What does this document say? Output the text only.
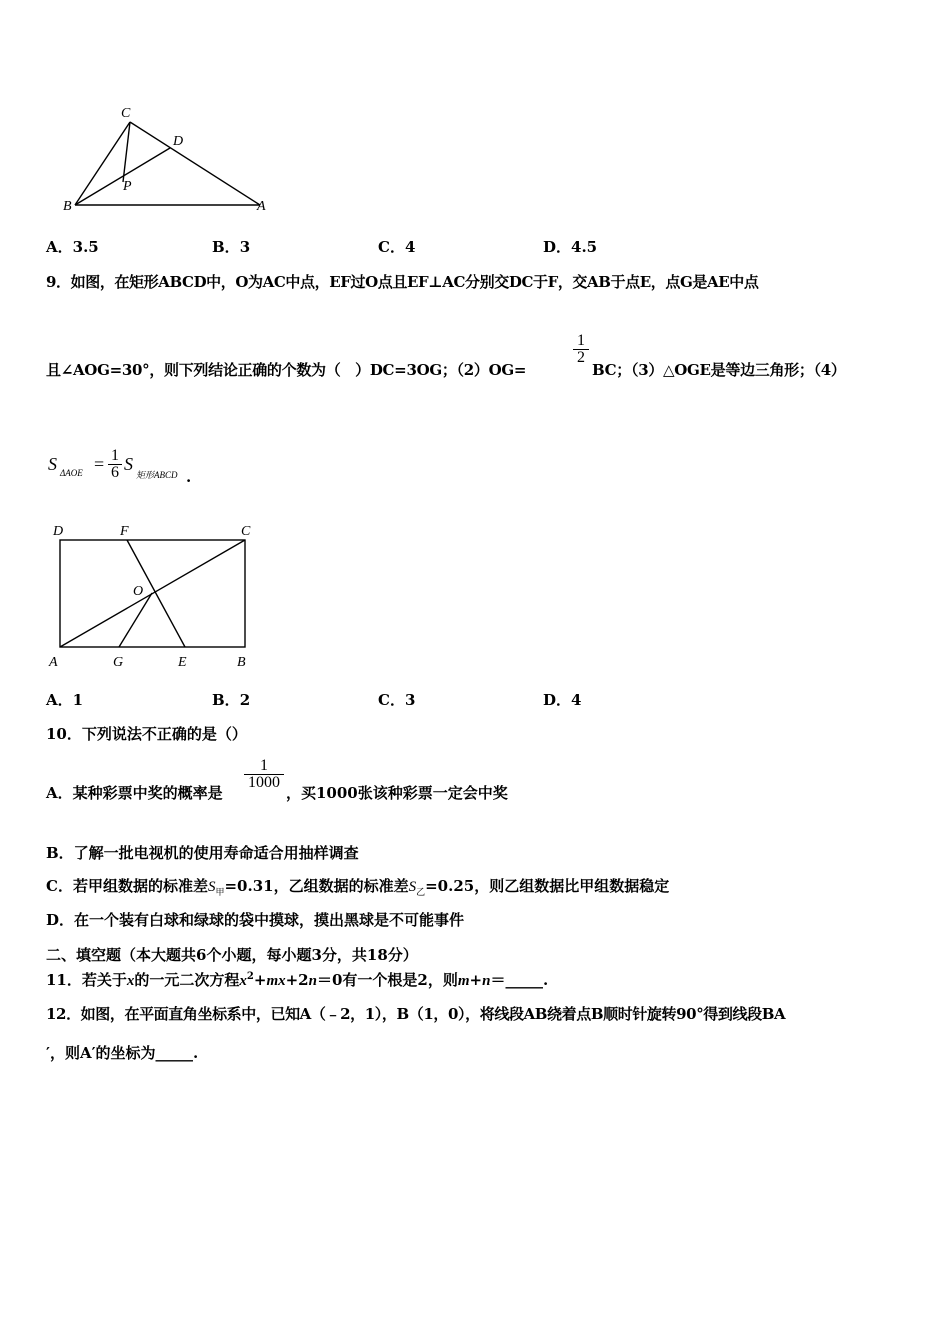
C
D
P
B	A
A．3.5	B．3	C．4	D．4.5
9．如图，在矩形ABCD中，O为AC中点，EF过O点且EF⊥AC分别交DC于F，交AB于点E，点G是AE中点
且∠AOG=30°，则下列结论正确的个数为（　）DC=3OG；（2）OG=
1
2
BC；（3）△OGE是等边三角形；（4）
S ΔAOE = 1
6 S
矩形ABCD .
D	F	C
O
A	G	E	B
A．1	B．2	C．3	D．4
10．下列说法不正确的是（）
A．某种彩票中奖的概率是
1
1000
，买1000张该种彩票一定会中奖
B．了解一批电视机的使用寿命适合用抽样调查
C．若甲组数据的标准差$S_甲=0.31$，乙组数据的标准差$S_乙=0.25$，则乙组数据比甲组数据稳定
D．在一个装有白球和绿球的袋中摸球，摸出黑球是不可能事件
二、填空题（本大题共6个小题，每小题3分，共18分）
11．若关于x的一元二次方程$x^2+mx+2n=0$有一个根是2，则m+n＝_____.
12．如图，在平面直角坐标系中，已知A（﹣2，1），B（1，0），将线段AB绕着点B顺时针旋转90°得到线段BA
′，则A′的坐标为_____.
